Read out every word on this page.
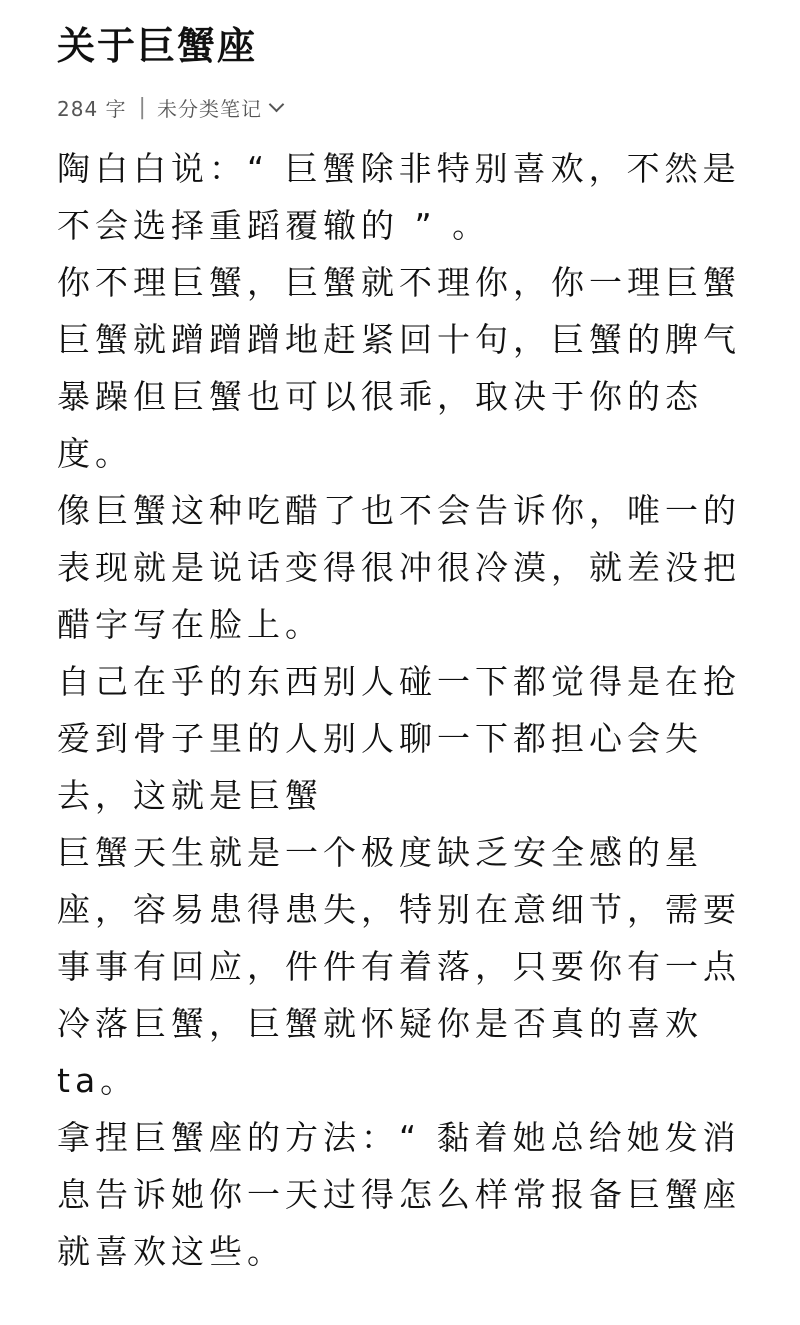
关于巨蟹座
284 字 | 未分类笔记
陶白白说：“ 巨蟹除非特别喜欢，不然是
不会选择重蹈覆辙的 ” 。
你不理巨蟹，巨蟹就不理你，你一理巨蟹
巨蟹就蹭蹭蹭地赶紧回十句，巨蟹的脾气
暴躁但巨蟹也可以很乖，取决于你的态
度。
像巨蟹这种吃醋了也不会告诉你，唯一的
表现就是说话变得很冲很冷漠，就差没把
醋字写在脸上。
自己在乎的东西别人碰一下都觉得是在抢
爱到骨子里的人别人聊一下都担心会失
去，这就是巨蟹
巨蟹天生就是一个极度缺乏安全感的星
座，容易患得患失，特别在意细节，需要
事事有回应，件件有着落，只要你有一点
冷落巨蟹，巨蟹就怀疑你是否真的喜欢
ta。
拿捏巨蟹座的方法：“ 黏着她总给她发消
息告诉她你一天过得怎么样常报备巨蟹座
就喜欢这些。
